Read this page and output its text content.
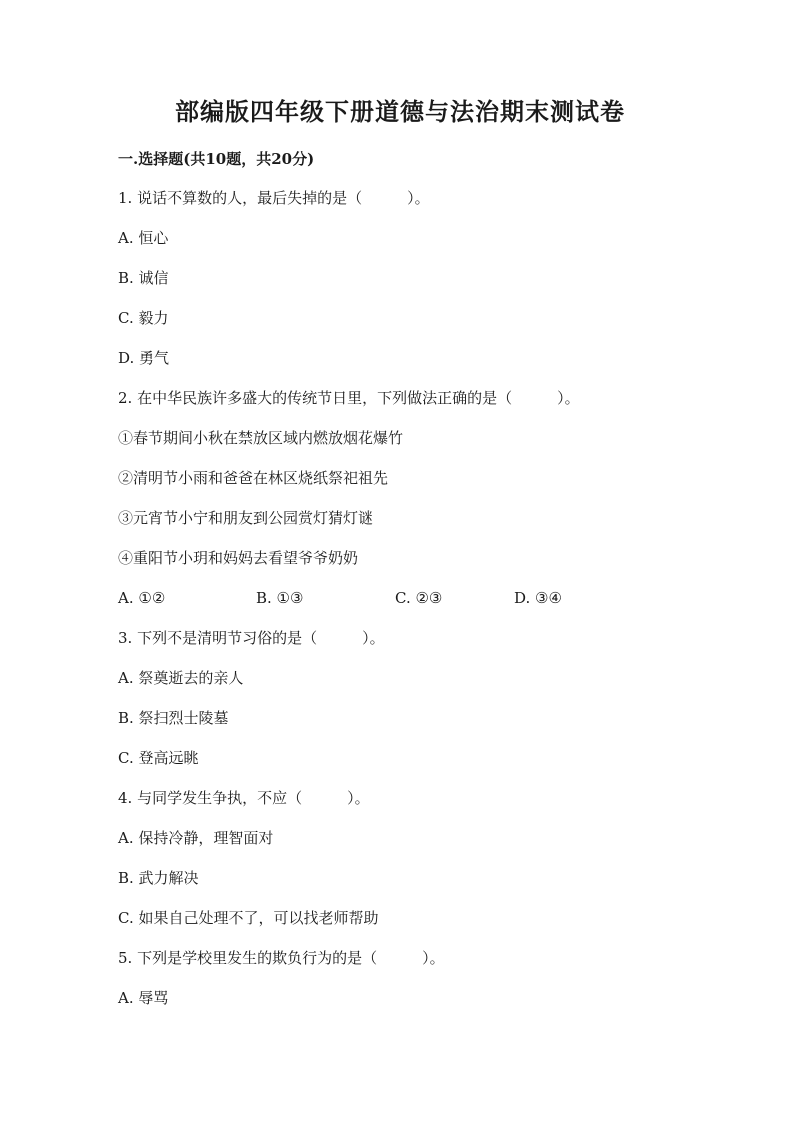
部编版四年级下册道德与法治期末测试卷
一.选择题(共10题，共20分)
1. 说话不算数的人，最后失掉的是（　　　）。
A. 恒心
B. 诚信
C. 毅力
D. 勇气
2. 在中华民族许多盛大的传统节日里，下列做法正确的是（　　　）。
①春节期间小秋在禁放区域内燃放烟花爆竹
②清明节小雨和爸爸在林区烧纸祭祀祖先
③元宵节小宁和朋友到公园赏灯猜灯谜
④重阳节小玥和妈妈去看望爷爷奶奶
A. ①②	B. ①③	C. ②③	D. ③④
3. 下列不是清明节习俗的是（　　　）。
A. 祭奠逝去的亲人
B. 祭扫烈士陵墓
C. 登高远眺
4. 与同学发生争执，不应（　　　）。
A. 保持冷静，理智面对
B. 武力解决
C. 如果自己处理不了，可以找老师帮助
5. 下列是学校里发生的欺负行为的是（　　　）。
A. 辱骂
